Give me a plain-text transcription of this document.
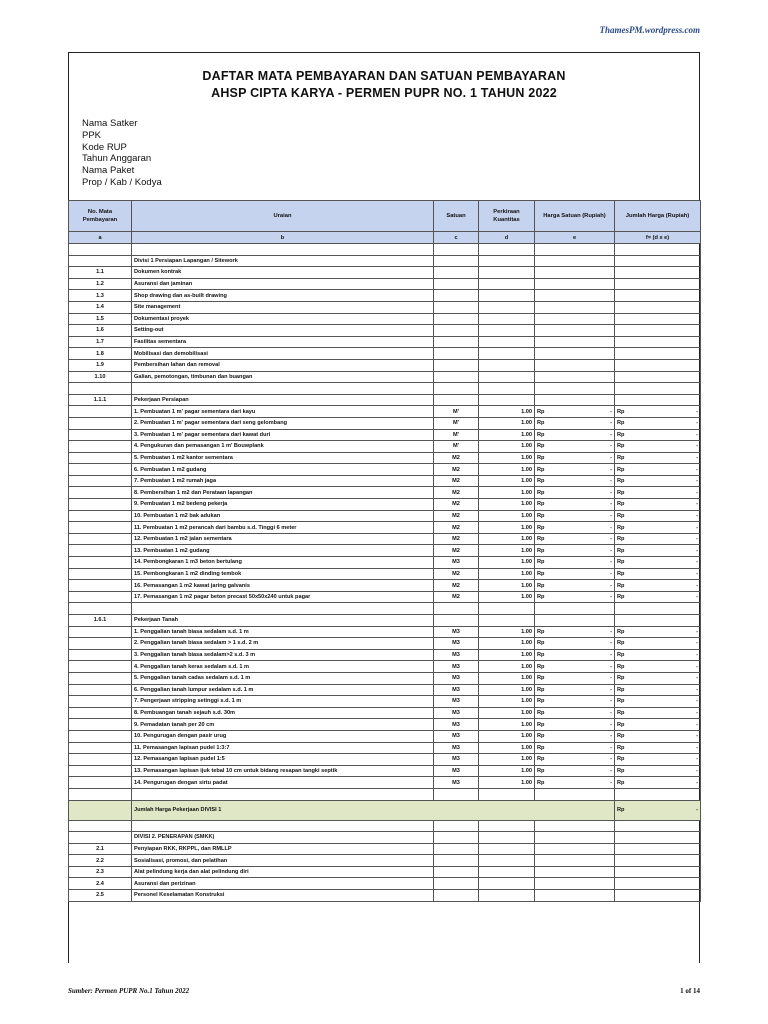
ThamesPM.wordpress.com
DAFTAR MATA PEMBAYARAN DAN SATUAN PEMBAYARAN
AHSP CIPTA KARYA - PERMEN PUPR NO. 1 TAHUN 2022
Nama Satker
PPK
Kode RUP
Tahun Anggaran
Nama Paket
Prop / Kab / Kodya
No. Mata Pembayaran	Uraian	Satuan	Perkiraan Kuantitas	Harga Satuan (Rupiah)	Jumlah Harga (Rupiah)
a	b	c	d	e	f= (d x e)

	Divisi 1 Persiapan Lapangan / Sitework				
1.1	Dokumen kontrak				
1.2	Asuransi dan jaminan				
1.3	Shop drawing dan as-built drawing				
1.4	Site management				
1.5	Dokumentasi proyek				
1.6	Setting-out				
1.7	Fasilitas sementara				
1.8	Mobilisasi dan demobilisasi				
1.9	Pembersihan lahan dan removal				
1.10	Galian, pemotongan, timbunan dan buangan				

1.1.1	Pekerjaan Persiapan				
	1. Pembuatan 1 m' pagar sementara dari kayu	M'	1.00	Rp -	Rp -

	2. Pembuatan 1 m' pagar sementara dari seng gelombang	M'	1.00	Rp -	Rp -

	3. Pembuatan 1 m' pagar sementara dari kawat duri	M'	1.00	Rp -	Rp -

	4. Pengukuran dan pemasangan 1 m' Bouwplank	M'	1.00	Rp -	Rp -

	5. Pembuatan 1 m2 kantor sementara	M2	1.00	Rp -	Rp -

	6. Pembuatan 1 m2 gudang	M2	1.00	Rp -	Rp -

	7. Pembuatan 1 m2 rumah jaga	M2	1.00	Rp -	Rp -

	8. Pembersihan 1 m2 dan Perataan lapangan	M2	1.00	Rp -	Rp -

	9. Pembuatan 1 m2 bedeng pekerja	M2	1.00	Rp -	Rp -

	10. Pembuatan 1 m2 bak adukan	M2	1.00	Rp -	Rp -

	11. Pembuatan 1 m2 perancah dari bambu s.d. Tinggi 6 meter	M2	1.00	Rp -	Rp -

	12. Pembuatan 1 m2 jalan sementara	M2	1.00	Rp -	Rp -

	13. Pembuatan 1 m2 gudang	M2	1.00	Rp -	Rp -

	14. Pembongkaran 1 m3 beton bertulang	M3	1.00	Rp -	Rp -

	15. Pembongkaran 1 m2 dinding tembok	M2	1.00	Rp -	Rp -

	16. Pemasangan 1 m2 kawat jaring galvanis	M2	1.00	Rp -	Rp -

	17. Pemasangan 1 m2 pagar beton precast 50x50x240 untuk pagar	M2	1.00	Rp -	Rp -

1.6.1	Pekerjaan Tanah				
	1. Penggalian tanah biasa sedalam s.d. 1 m	M3	1.00	Rp -	Rp -

	2. Penggalian tanah biasa sedalam > 1 s.d. 2 m	M3	1.00	Rp -	Rp -

	3. Penggalian tanah biasa sedalam>2 s.d. 3 m	M3	1.00	Rp -	Rp -

	4. Penggalian tanah keras sedalam s.d. 1 m	M3	1.00	Rp -	Rp -

	5. Penggalian tanah cadas sedalam s.d. 1 m	M3	1.00	Rp -	Rp -

	6. Penggalian tanah lumpur sedalam s.d. 1 m	M3	1.00	Rp -	Rp -

	7. Pengerjaan stripping setinggi s.d. 1 m	M3	1.00	Rp -	Rp -

	8. Pembuangan tanah sejauh s.d. 30m	M3	1.00	Rp -	Rp -

	9. Pemadatan tanah per 20 cm	M3	1.00	Rp -	Rp -

	10. Pengurugan dengan pasir urug	M3	1.00	Rp -	Rp -

	11. Pemasangan lapisan pudel 1:3:7	M3	1.00	Rp -	Rp -

	12. Pemasangan lapisan pudel 1:5	M3	1.00	Rp -	Rp -

	13. Pemasangan lapisan ijuk tebal 10 cm untuk bidang resapan tangki septik	M3	1.00	Rp -	Rp -

	14. Pengurugan dengan sirtu padat	M3	1.00	Rp -	Rp -

	Jumlah Harga Pekerjaan DIVISI 1				Rp -

	DIVISI 2. PENERAPAN (SMKK)				
2.1	Penyiapan RKK, RKPPL, dan RMLLP				
2.2	Sosialisasi, promosi, dan pelatihan				
2.3	Alat pelindung kerja dan alat pelindung diri				
2.4	Asuransi dan perizinan				
2.5	Personel Keselamatan Konstruksi				
Sumber: Permen PUPR No.1 Tahun 2022	1 of 14
